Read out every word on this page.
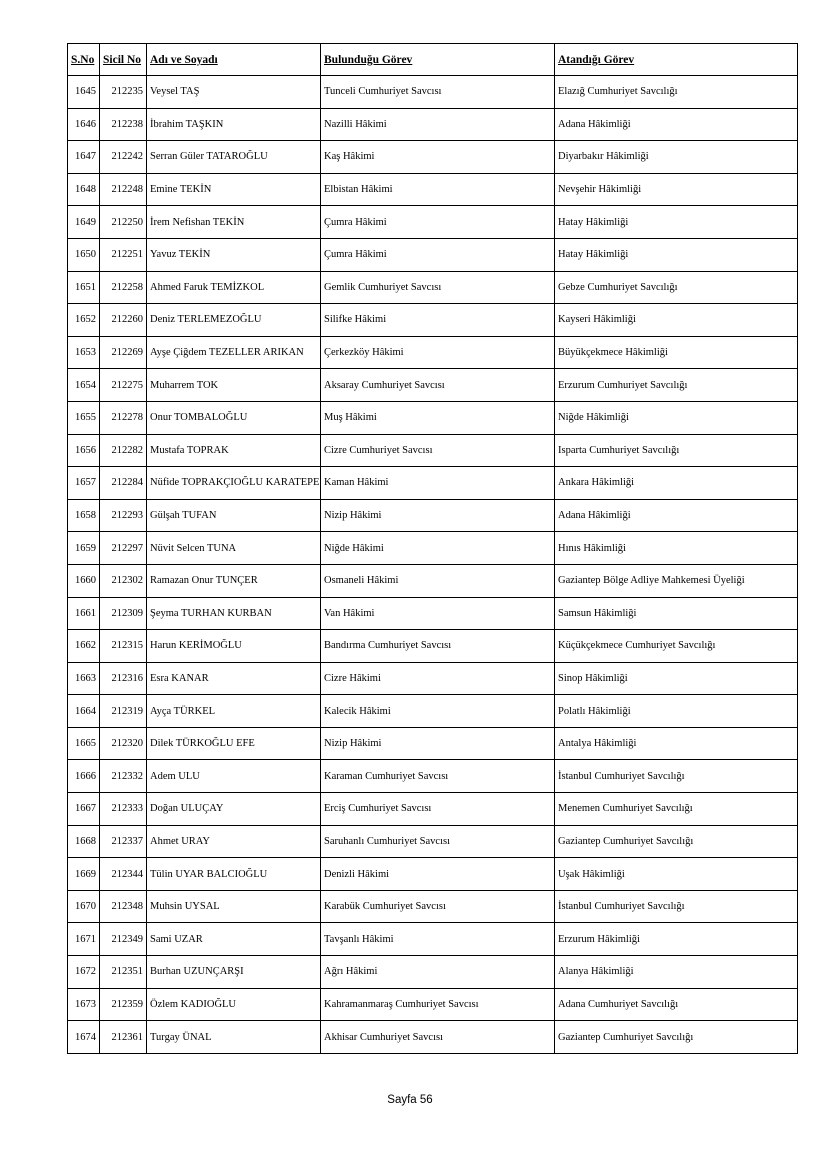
S.No	Sicil No	Adı ve Soyadı	Bulunduğu Görev	Atandığı Görev
1645	212235	Veysel TAŞ	Tunceli Cumhuriyet Savcısı	Elazığ Cumhuriyet Savcılığı
1646	212238	İbrahim TAŞKIN	Nazilli Hâkimi	Adana Hâkimliği
1647	212242	Serran Güler TATAROĞLU	Kaş Hâkimi	Diyarbakır Hâkimliği
1648	212248	Emine TEKİN	Elbistan Hâkimi	Nevşehir Hâkimliği
1649	212250	İrem Nefishan TEKİN	Çumra Hâkimi	Hatay Hâkimliği
1650	212251	Yavuz TEKİN	Çumra Hâkimi	Hatay Hâkimliği
1651	212258	Ahmed Faruk TEMİZKOL	Gemlik Cumhuriyet Savcısı	Gebze Cumhuriyet Savcılığı
1652	212260	Deniz TERLEMEZOĞLU	Silifke Hâkimi	Kayseri Hâkimliği
1653	212269	Ayşe Çiğdem TEZELLER ARIKAN	Çerkezköy Hâkimi	Büyükçekmece Hâkimliği
1654	212275	Muharrem TOK	Aksaray Cumhuriyet Savcısı	Erzurum Cumhuriyet Savcılığı
1655	212278	Onur TOMBALOĞLU	Muş Hâkimi	Niğde Hâkimliği
1656	212282	Mustafa TOPRAK	Cizre Cumhuriyet Savcısı	Isparta Cumhuriyet Savcılığı
1657	212284	Nüfide TOPRAKÇIOĞLU KARATEPE	Kaman Hâkimi	Ankara Hâkimliği
1658	212293	Gülşah TUFAN	Nizip Hâkimi	Adana Hâkimliği
1659	212297	Nüvit Selcen TUNA	Niğde Hâkimi	Hınıs Hâkimliği
1660	212302	Ramazan Onur TUNÇER	Osmaneli Hâkimi	Gaziantep Bölge Adliye Mahkemesi Üyeliği
1661	212309	Şeyma TURHAN KURBAN	Van Hâkimi	Samsun Hâkimliği
1662	212315	Harun KERİMOĞLU	Bandırma Cumhuriyet Savcısı	Küçükçekmece Cumhuriyet Savcılığı
1663	212316	Esra KANAR	Cizre Hâkimi	Sinop Hâkimliği
1664	212319	Ayça TÜRKEL	Kalecik Hâkimi	Polatlı Hâkimliği
1665	212320	Dilek TÜRKOĞLU EFE	Nizip Hâkimi	Antalya Hâkimliği
1666	212332	Adem ULU	Karaman Cumhuriyet Savcısı	İstanbul Cumhuriyet Savcılığı
1667	212333	Doğan ULUÇAY	Erciş Cumhuriyet Savcısı	Menemen Cumhuriyet Savcılığı
1668	212337	Ahmet URAY	Saruhanlı Cumhuriyet Savcısı	Gaziantep Cumhuriyet Savcılığı
1669	212344	Tülin UYAR BALCIOĞLU	Denizli Hâkimi	Uşak Hâkimliği
1670	212348	Muhsin UYSAL	Karabük Cumhuriyet Savcısı	İstanbul Cumhuriyet Savcılığı
1671	212349	Sami UZAR	Tavşanlı Hâkimi	Erzurum Hâkimliği
1672	212351	Burhan UZUNÇARŞI	Ağrı Hâkimi	Alanya Hâkimliği
1673	212359	Özlem KADIOĞLU	Kahramanmaraş Cumhuriyet Savcısı	Adana Cumhuriyet Savcılığı
1674	212361	Turgay ÜNAL	Akhisar Cumhuriyet Savcısı	Gaziantep Cumhuriyet Savcılığı
Sayfa 56
